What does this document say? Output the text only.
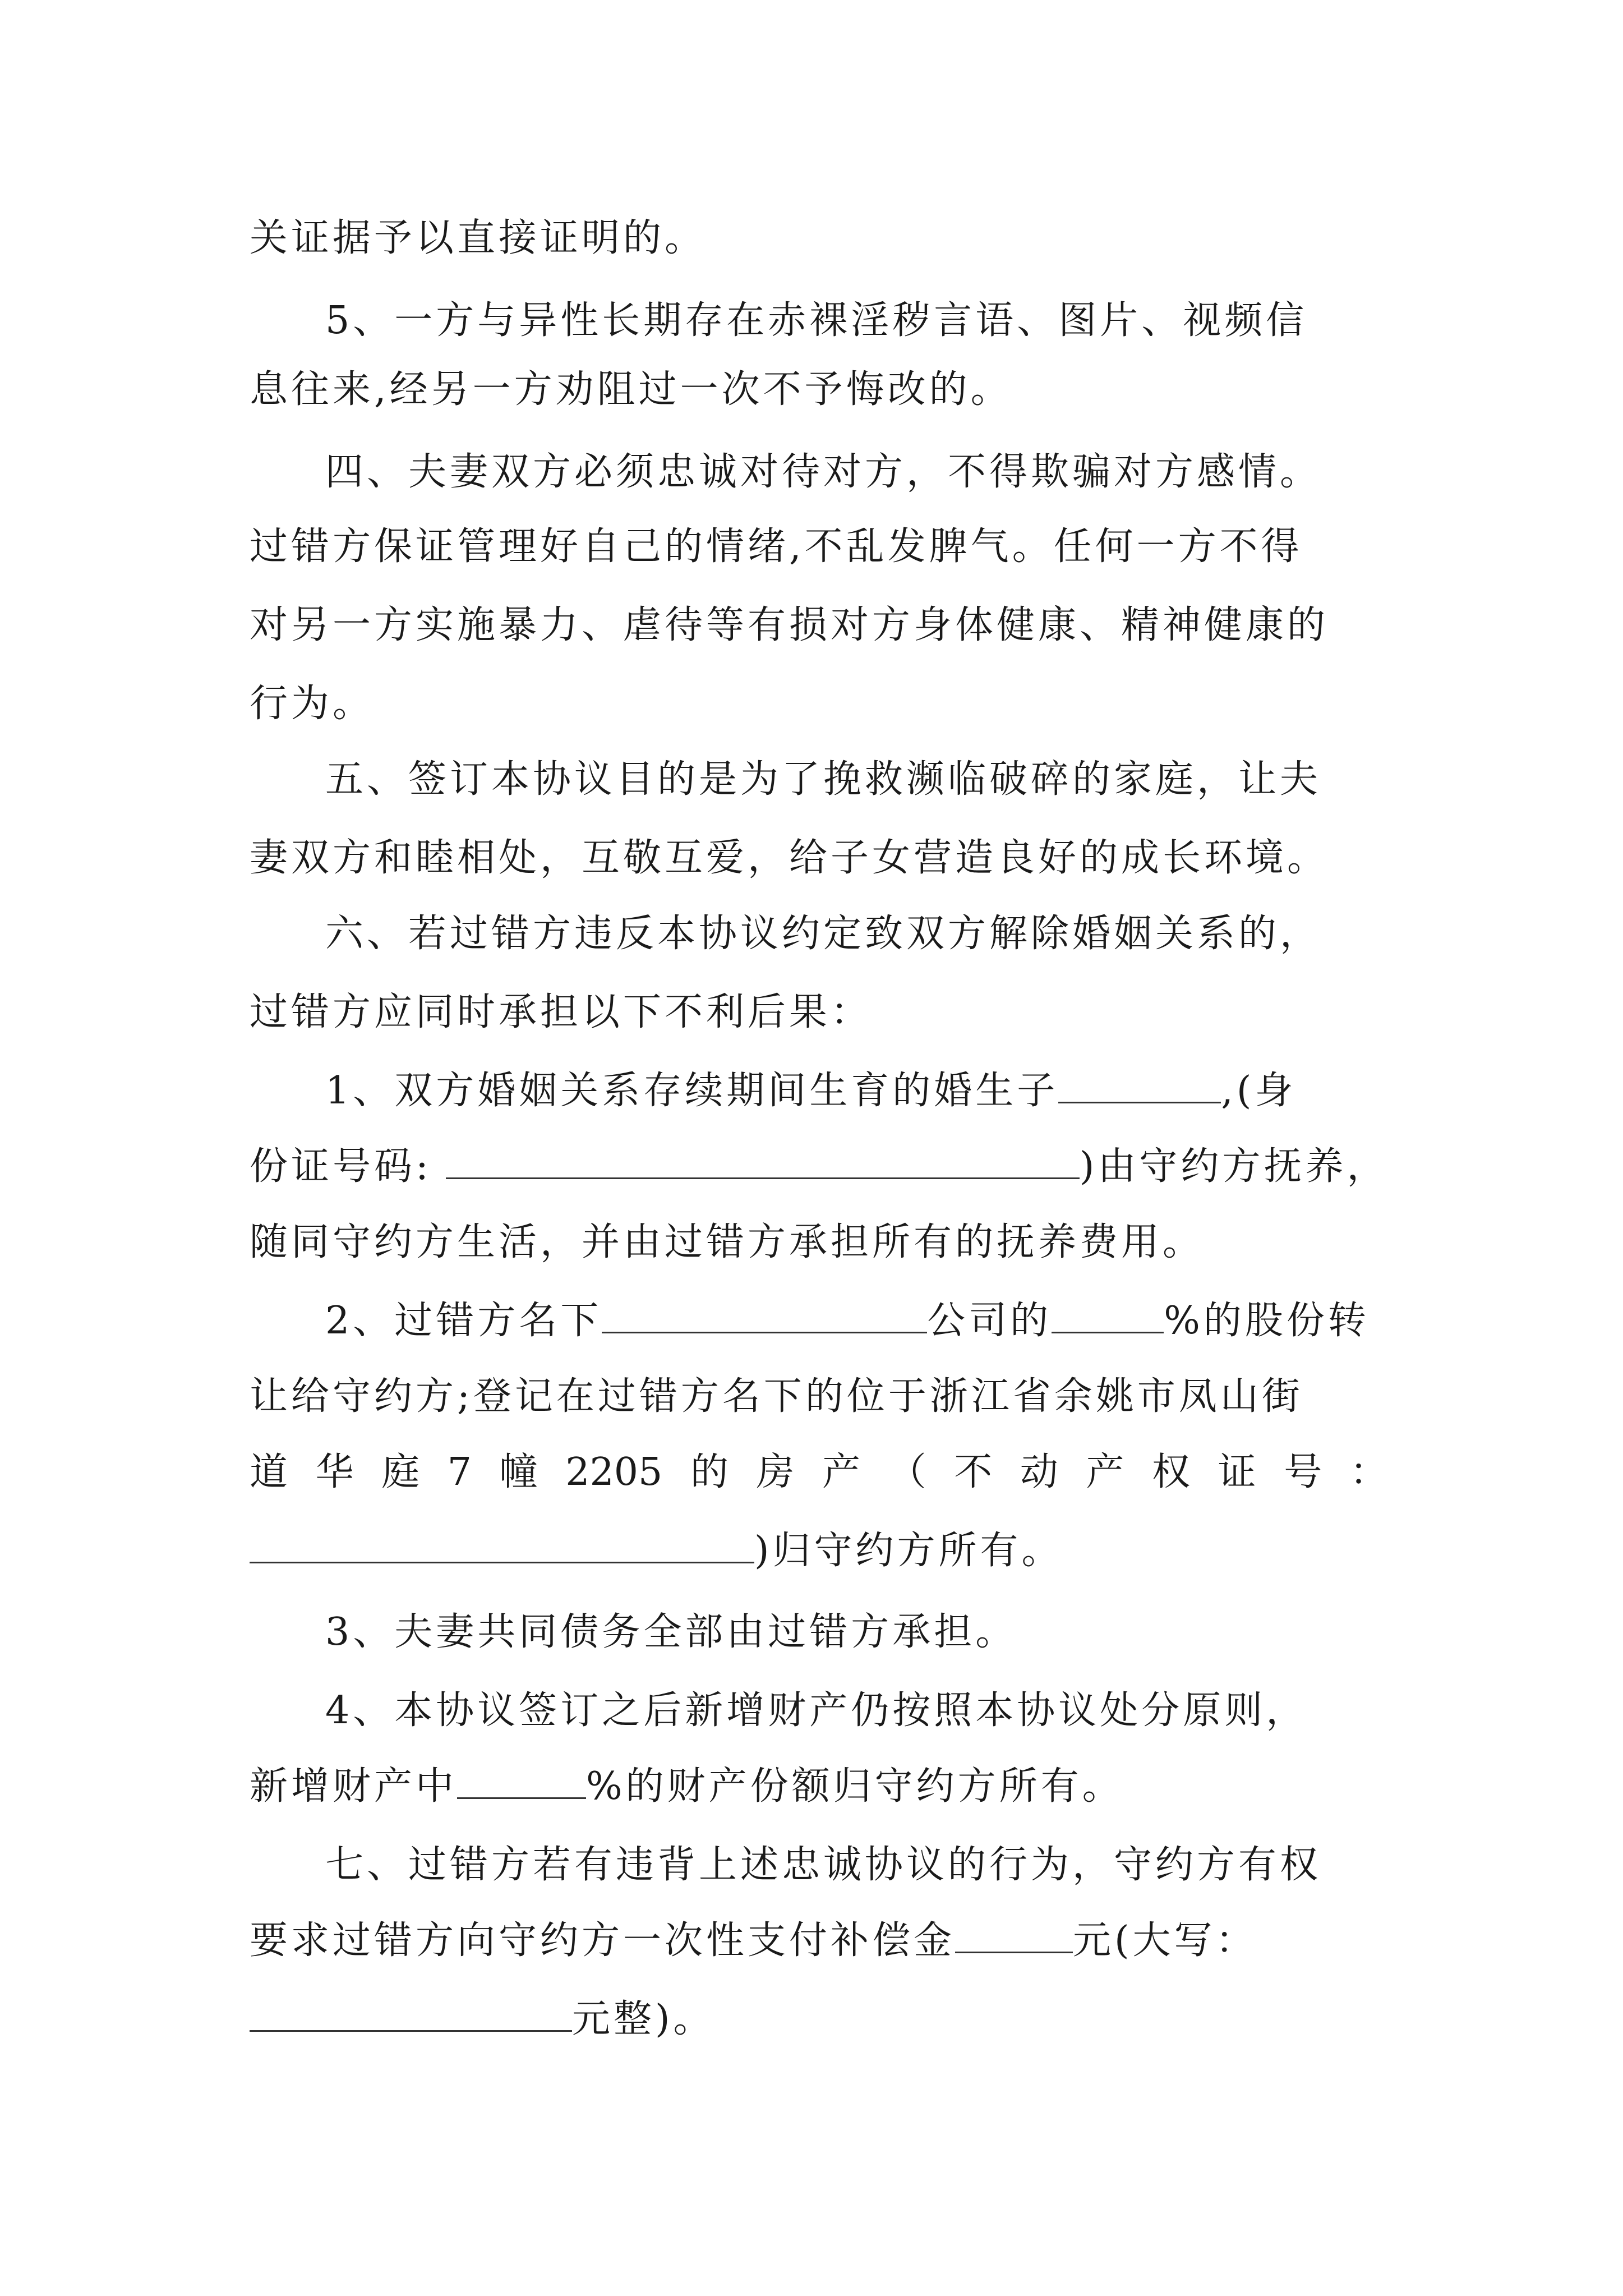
关证据予以直接证明的。
5、一方与异性长期存在赤裸淫秽言语、图片、视频信
息往来,经另一方劝阻过一次不予悔改的。
四、夫妻双方必须忠诚对待对方，不得欺骗对方感情。
过错方保证管理好自己的情绪,不乱发脾气。任何一方不得
对另一方实施暴力、虐待等有损对方身体健康、精神健康的
行为。
五、签订本协议目的是为了挽救濒临破碎的家庭，让夫
妻双方和睦相处，互敬互爱，给子女营造良好的成长环境。
六、若过错方违反本协议约定致双方解除婚姻关系的，
过错方应同时承担以下不利后果：
1、双方婚姻关系存续期间生育的婚生子	,(身
份证号码:	)由守约方抚养，
随同守约方生活，并由过错方承担所有的抚养费用。
2、过错方名下	公司的	%的股份转
让给守约方;登记在过错方名下的位于浙江省余姚市凤山街
道 华 庭 7 幢 2205 的 房 产 （ 不 动 产 权 证 号 ：
)归守约方所有。
3、夫妻共同债务全部由过错方承担。
4、本协议签订之后新增财产仍按照本协议处分原则，
新增财产中	%的财产份额归守约方所有。
七、过错方若有违背上述忠诚协议的行为，守约方有权
要求过错方向守约方一次性支付补偿金	元(大写：
元整)。
